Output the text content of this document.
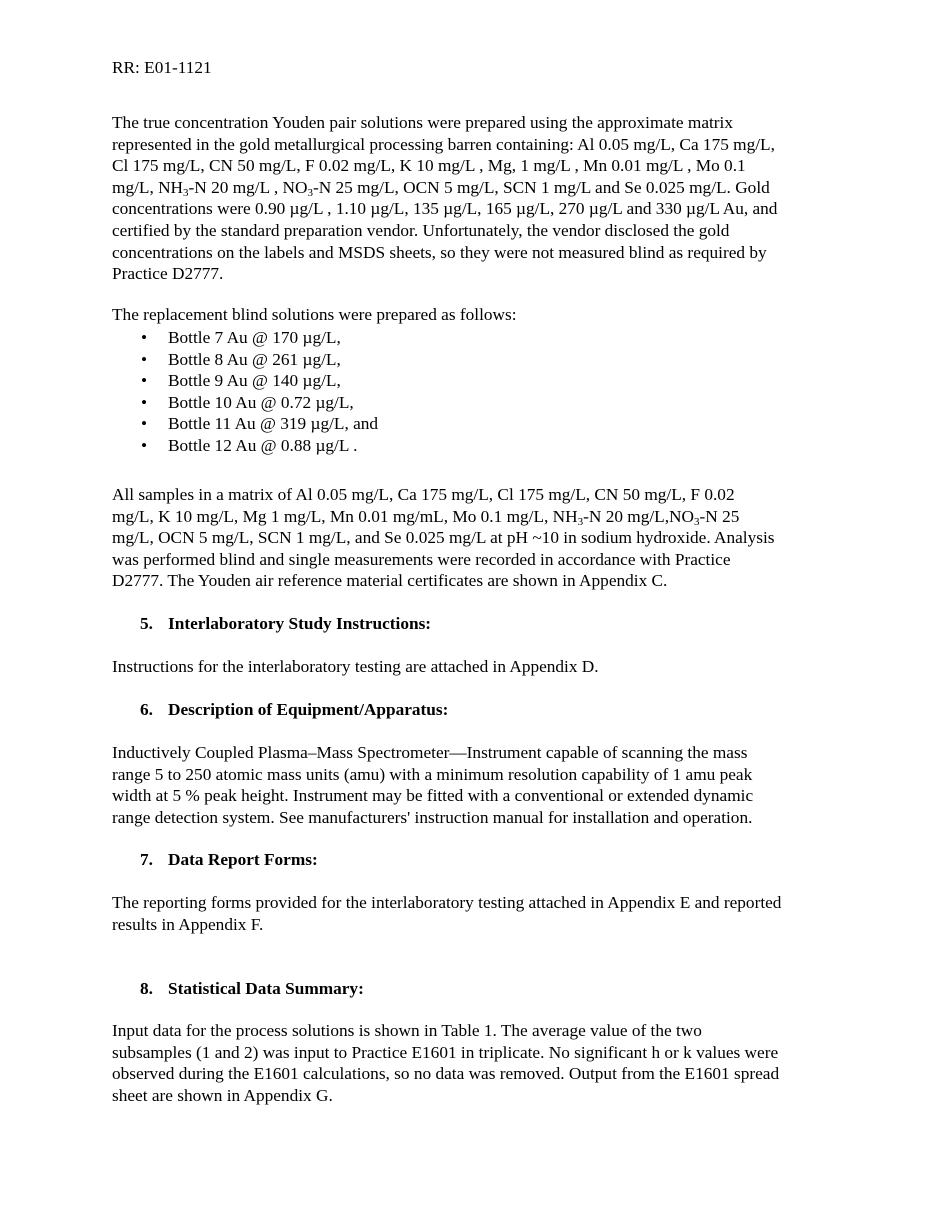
RR: E01-1121

The true concentration Youden pair solutions were prepared using the approximate matrix

represented in the gold metallurgical processing barren containing: Al 0.05 mg/L, Ca 175 mg/L,

Cl 175 mg/L, CN 50 mg/L, F 0.02 mg/L, K 10 mg/L , Mg, 1 mg/L , Mn 0.01 mg/L , Mo 0.1

mg/L, $NH_3-N$ 20 mg/L , $NO_3-N$ 25 mg/L, OCN 5 mg/L, SCN 1 mg/L and Se 0.025 mg/L. Gold

concentrations were 0.90 µg/L , 1.10 µg/L, 135 µg/L, 165 µg/L, 270 µg/L and 330 µg/L Au, and

certified by the standard preparation vendor. Unfortunately, the vendor disclosed the gold

concentrations on the labels and MSDS sheets, so they were not measured blind as required by

Practice D2777.

The replacement blind solutions were prepared as follows:

• Bottle 7 Au @ 170 µg/L,
• Bottle 8 Au @ 261 µg/L,
• Bottle 9 Au @ 140 µg/L,
• Bottle 10 Au @ 0.72 µg/L,
• Bottle 11 Au @ 319 µg/L, and
• Bottle 12 Au @ 0.88 µg/L .

All samples in a matrix of Al 0.05 mg/L, Ca 175 mg/L, Cl 175 mg/L, CN 50 mg/L, F 0.02

mg/L, K 10 mg/L, Mg 1 mg/L, Mn 0.01 mg/mL, Mo 0.1 mg/L, $NH_3-N$ 20 $mg/L,NO_3-N$ 25

mg/L, OCN 5 mg/L, SCN 1 mg/L, and Se 0.025 mg/L at pH ~10 in sodium hydroxide. Analysis

was performed blind and single measurements were recorded in accordance with Practice

D2777. The Youden air reference material certificates are shown in Appendix C.

5. Interlaboratory Study Instructions:

Instructions for the interlaboratory testing are attached in Appendix D.

6. Description of Equipment/Apparatus:

Inductively Coupled Plasma–Mass Spectrometer—Instrument capable of scanning the mass

range 5 to 250 atomic mass units (amu) with a minimum resolution capability of 1 amu peak

width at 5 % peak height. Instrument may be fitted with a conventional or extended dynamic

range detection system. See manufacturers' instruction manual for installation and operation.

7. Data Report Forms:

The reporting forms provided for the interlaboratory testing attached in Appendix E and reported

results in Appendix F.

8. Statistical Data Summary:

Input data for the process solutions is shown in Table 1. The average value of the two

subsamples (1 and 2) was input to Practice E1601 in triplicate. No significant h or k values were

observed during the E1601 calculations, so no data was removed. Output from the E1601 spread

sheet are shown in Appendix G.
